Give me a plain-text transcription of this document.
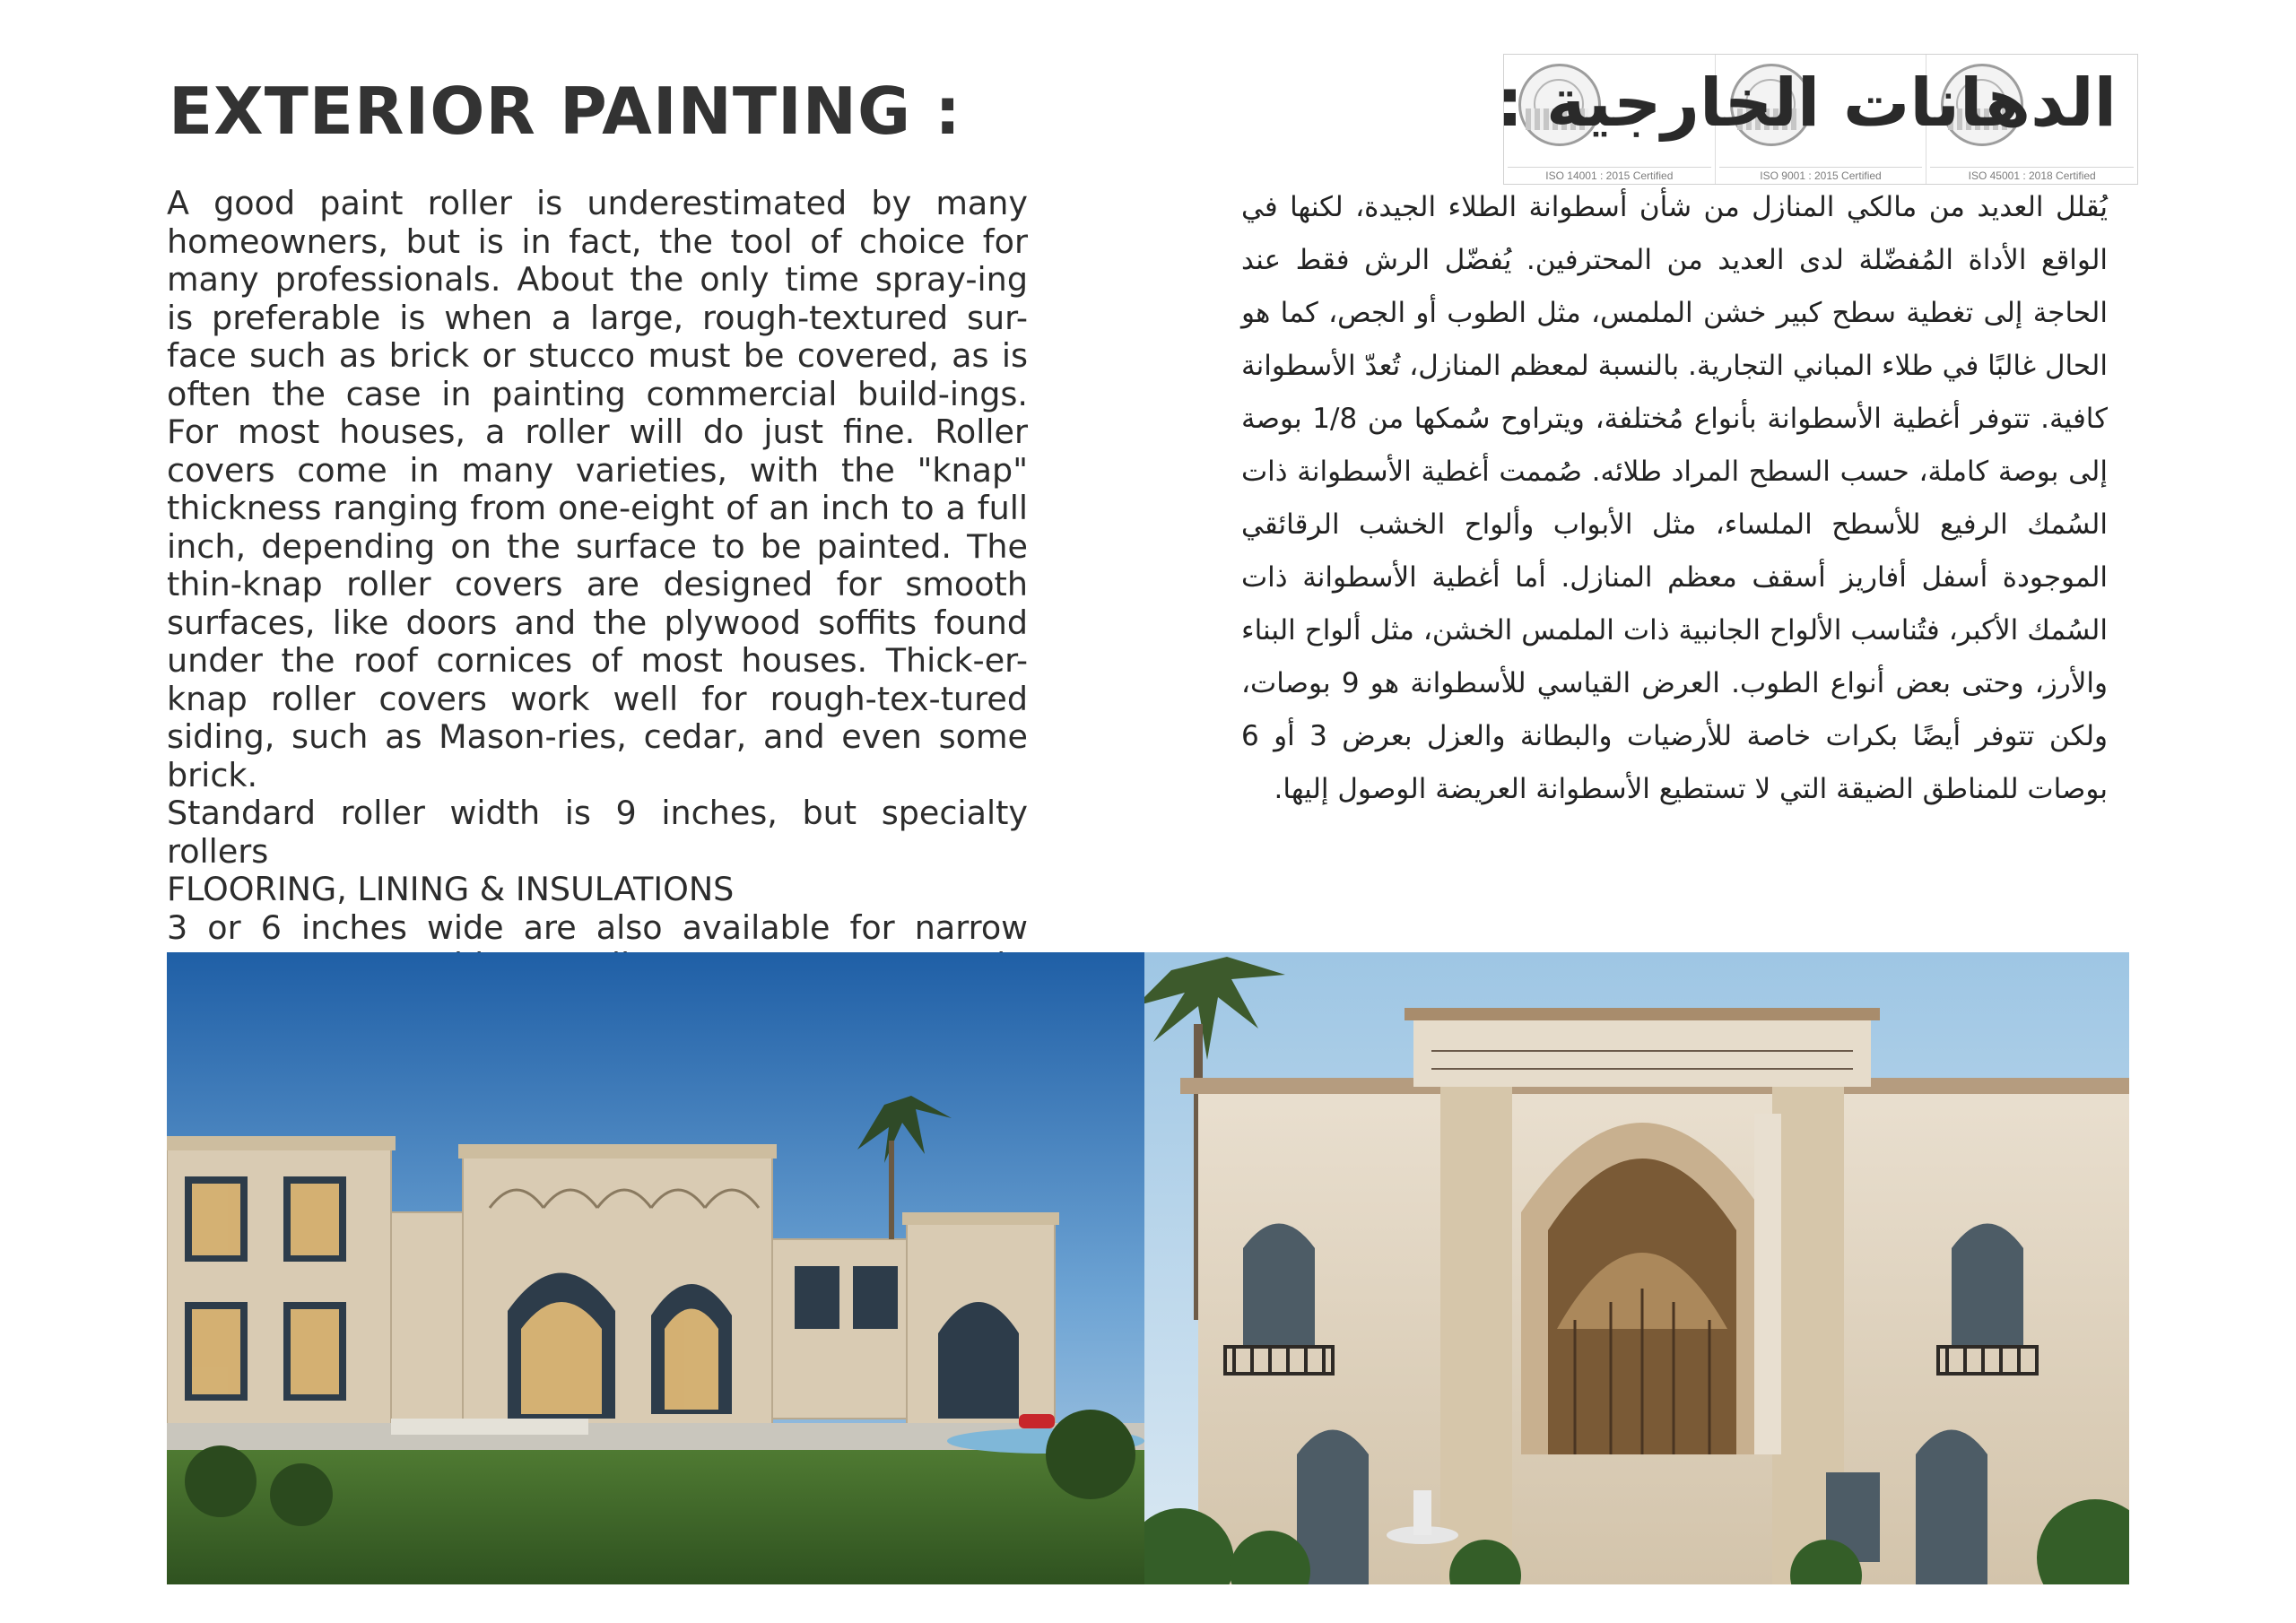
EXTERIOR PAINTING :
ISO 14001 : 2015 Certified	ISO 9001 : 2015 Certified	ISO 45001 : 2018 Certified
الدهانات الخارجية :

A good paint roller is underestimated by many homeowners, but is in fact, the tool of choice for many professionals. About the only time spray-ing is preferable is when a large, rough-textured sur-face such as brick or stucco must be covered, as is often the case in painting commercial build-ings. For most houses, a roller will do just fine. Roller covers come in many varieties, with the "knap" thickness ranging from one-eight of an inch to a full inch, depending on the surface to be painted. The thin-knap roller covers are designed for smooth surfaces, like doors and the plywood soffits found under the roof cornices of most houses. Thick-er-knap roller covers work well for rough-tex-tured siding, such as Mason-ries, cedar, and even some brick.

Standard roller width is 9 inches, but specialty rollers

FLOORING, LINING & INSULATIONS

3 or 6 inches wide are also available for narrow

يُقلل العديد من مالكي المنازل من شأن أسطوانة الطلاء الجيدة، لكنها في الواقع الأداة المُفضّلة لدى العديد من المحترفين. يُفضّل الرش فقط عند الحاجة إلى تغطية سطح كبير خشن الملمس، مثل الطوب أو الجص، كما هو الحال غالبًا في طلاء المباني التجارية. بالنسبة لمعظم المنازل، تُعدّ الأسطوانة كافية. تتوفر أغطية الأسطوانة بأنواع مُختلفة، ويتراوح سُمكها من 1/8 بوصة إلى بوصة كاملة، حسب السطح المراد طلائه. صُممت أغطية الأسطوانة ذات السُمك الرفيع للأسطح الملساء، مثل الأبواب وألواح الخشب الرقائقي الموجودة أسفل أفاريز أسقف معظم المنازل. أما أغطية الأسطوانة ذات السُمك الأكبر، فتُناسب الألواح الجانبية ذات الملمس الخشن، مثل ألواح البناء والأرز، وحتى بعض أنواع الطوب. العرض القياسي للأسطوانة هو 9 بوصات، ولكن تتوفر أيضًا بكرات خاصة للأرضيات والبطانة والعزل بعرض 3 أو 6 بوصات للمناطق الضيقة التي لا تستطيع الأسطوانة العريضة الوصول إليها.
